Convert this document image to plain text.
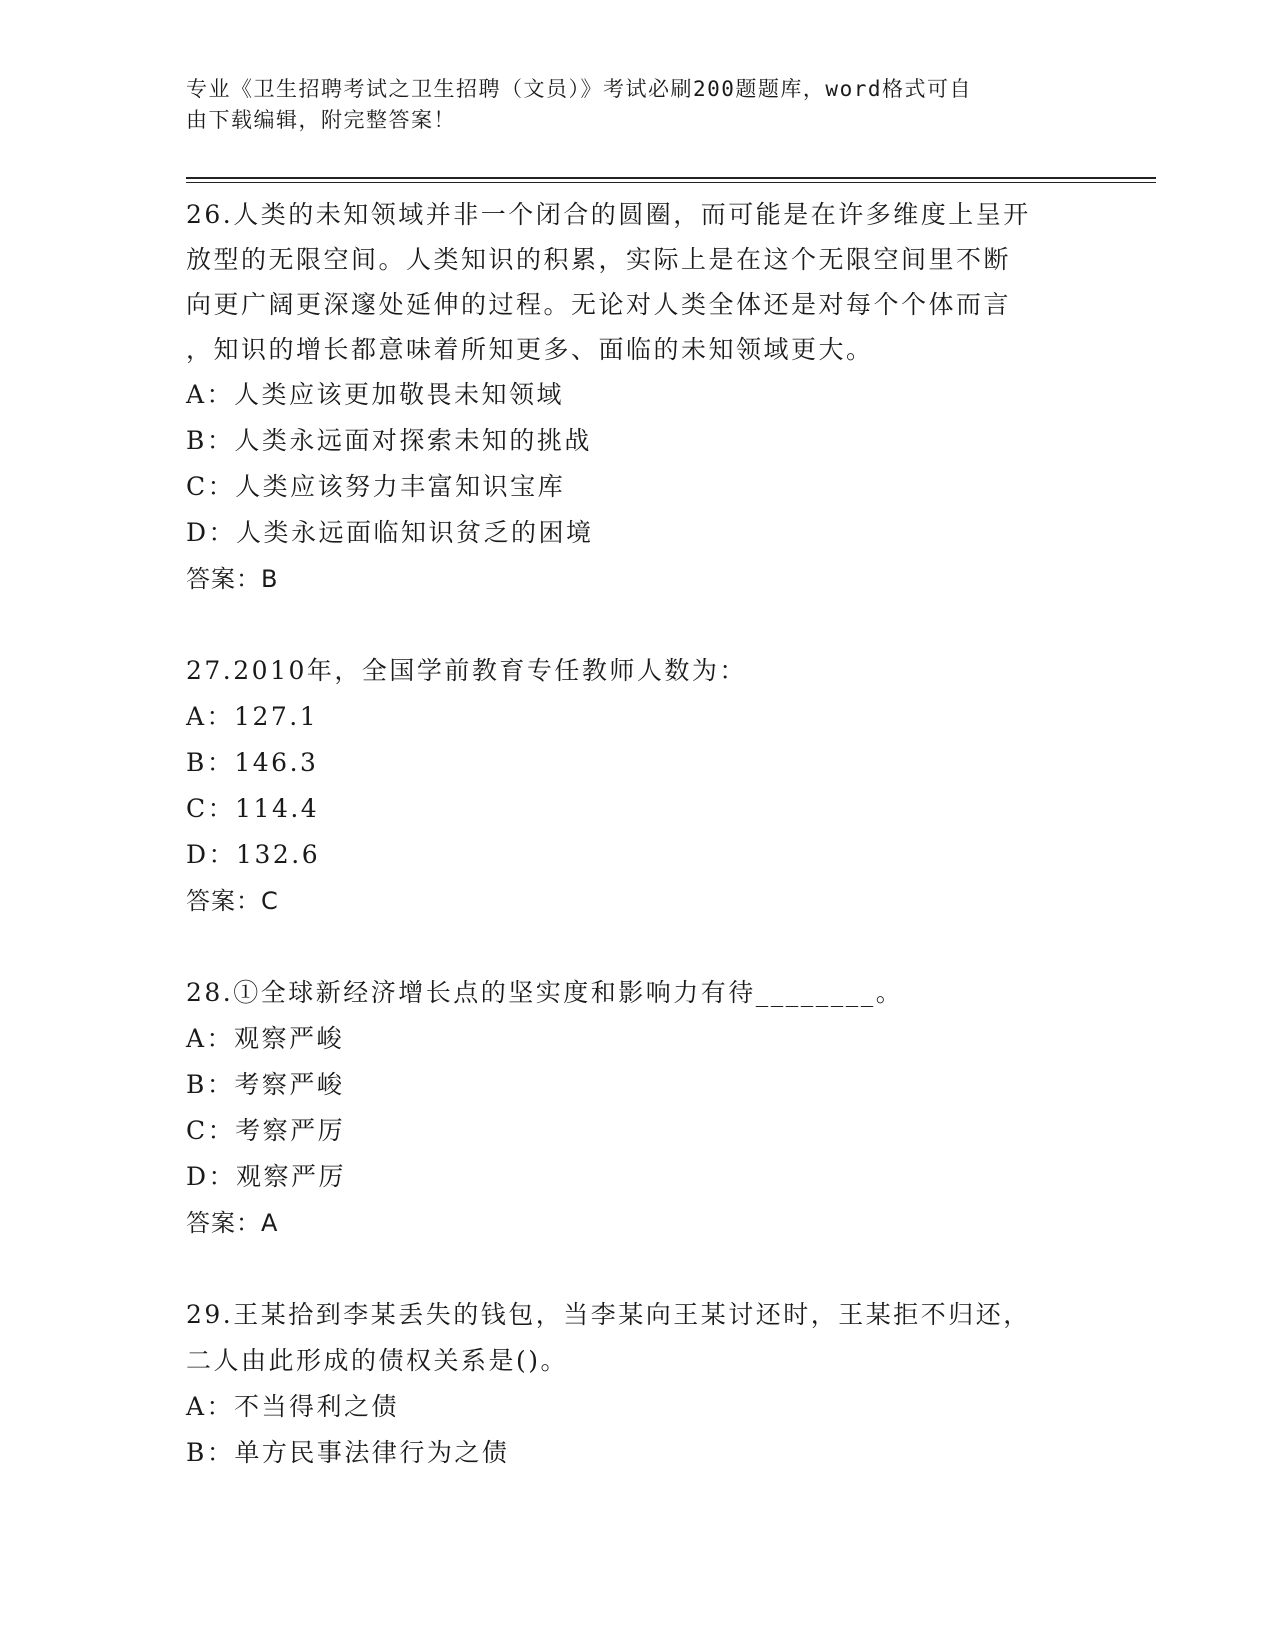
专业《卫生招聘考试之卫生招聘（文员）》考试必刷200题题库，word格式可自
由下载编辑，附完整答案！
26.人类的未知领域并非一个闭合的圆圈，而可能是在许多维度上呈开
放型的无限空间。人类知识的积累，实际上是在这个无限空间里不断
向更广阔更深邃处延伸的过程。无论对人类全体还是对每个个体而言
，知识的增长都意味着所知更多、面临的未知领域更大。
A：人类应该更加敬畏未知领域
B：人类永远面对探索未知的挑战
C：人类应该努力丰富知识宝库
D：人类永远面临知识贫乏的困境
答案：B
27.2010年，全国学前教育专任教师人数为：
A：127.1
B：146.3
C：114.4
D：132.6
答案：C
28.①全球新经济增长点的坚实度和影响力有待________。
A：观察严峻
B：考察严峻
C：考察严厉
D：观察严厉
答案：A
29.王某拾到李某丢失的钱包，当李某向王某讨还时，王某拒不归还，
二人由此形成的债权关系是()。
A：不当得利之债
B：单方民事法律行为之债
